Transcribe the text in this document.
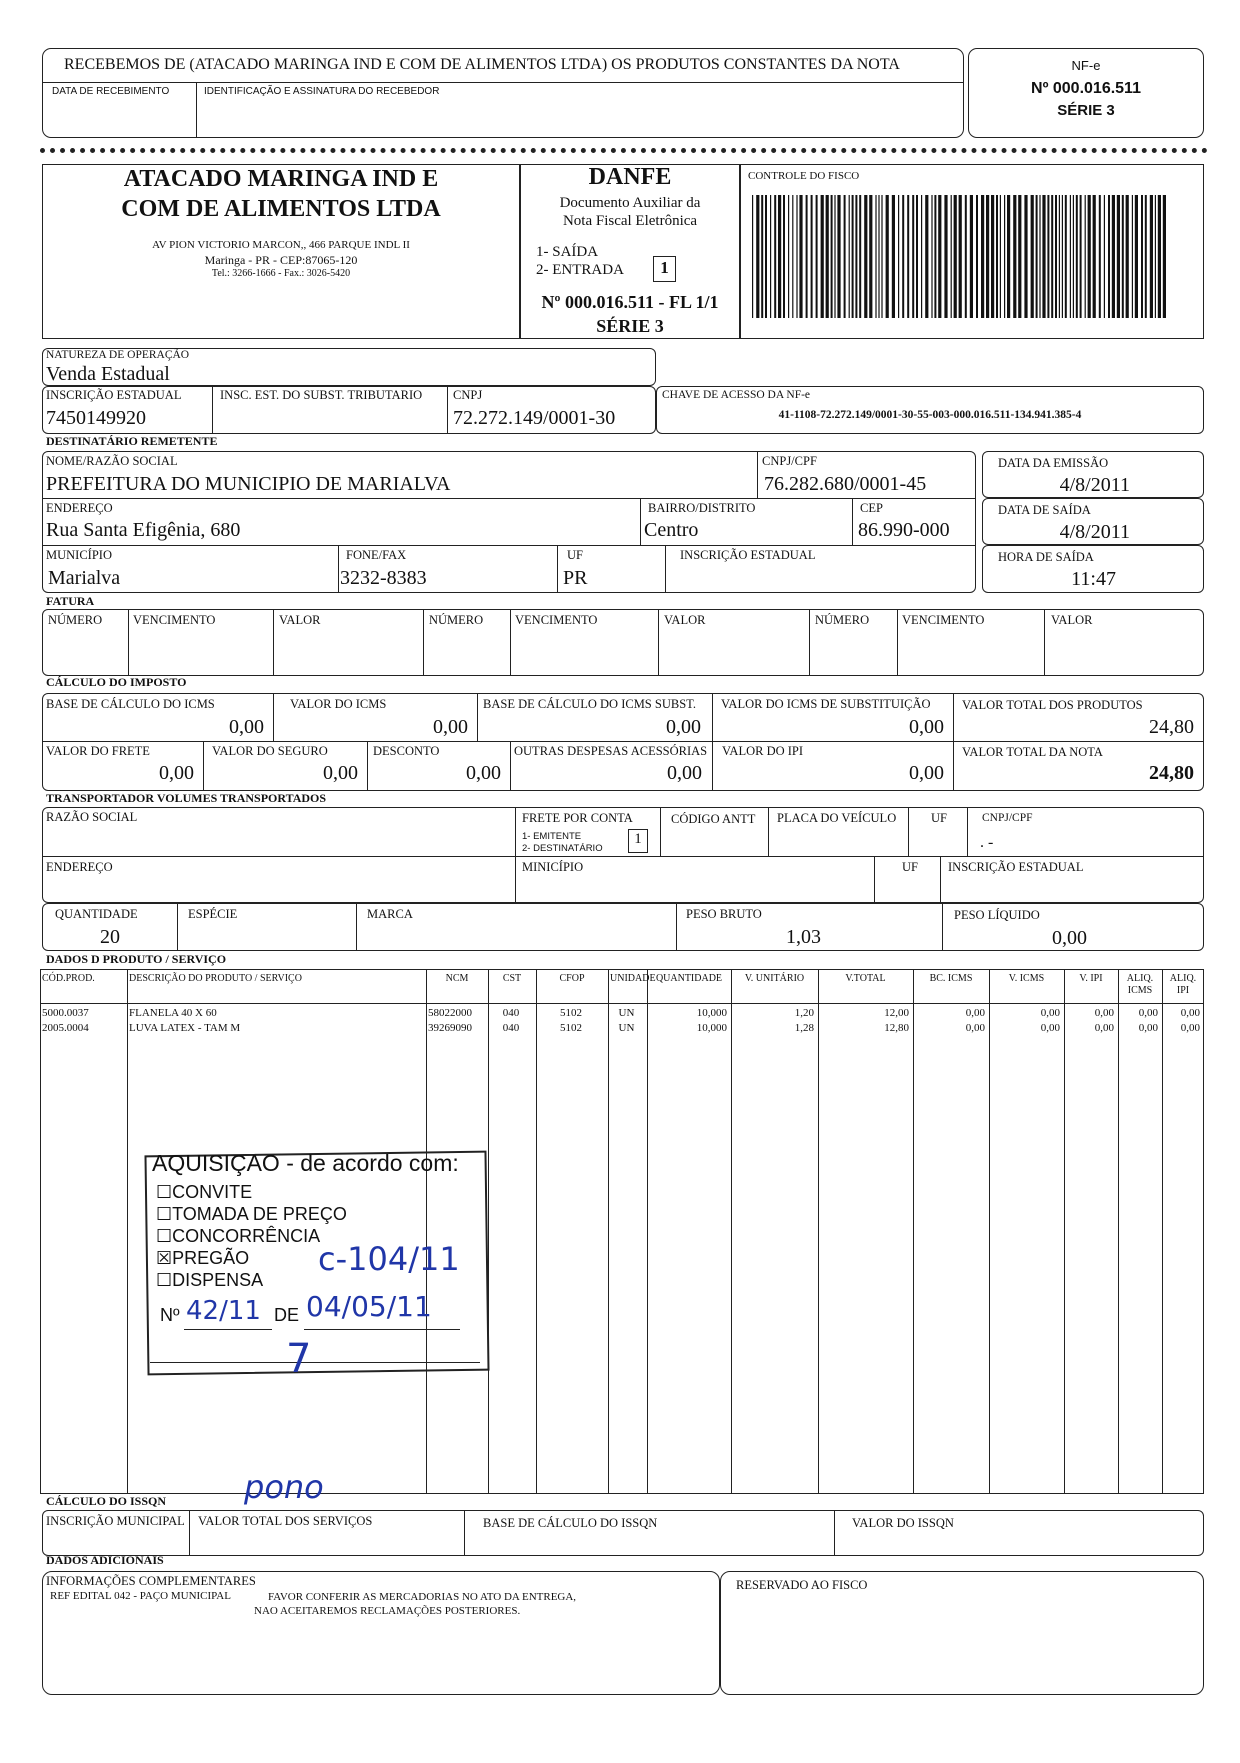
RECEBEMOS DE (ATACADO MARINGA IND E COM DE ALIMENTOS LTDA) OS PRODUTOS CONSTANTES DA NOTA
DATA DE RECEBIMENTO	IDENTIFICAÇÃO E ASSINATURA DO RECEBEDOR
NF-e
Nº 000.016.511
SÉRIE 3
ATACADO MARINGA IND E
COM DE ALIMENTOS LTDA
AV PION VICTORIO MARCON,, 466 PARQUE INDL II
Maringa - PR - CEP:87065-120
Tel.: 3266-1666 - Fax.: 3026-5420
DANFE
Documento Auxiliar da
Nota Fiscal Eletrônica
1- SAÍDA
2- ENTRADA	1
Nº 000.016.511 - FL 1/1
SÉRIE 3
CONTROLE DO FISCO
NATUREZA DE OPERAÇÃO
Venda Estadual
INSCRIÇÃO ESTADUAL
7450149920
INSC. EST. DO SUBST. TRIBUTARIO CNPJ
72.272.149/0001-30
CHAVE DE ACESSO DA NF-e
41-1108-72.272.149/0001-30-55-003-000.016.511-134.941.385-4
DESTINATÁRIO REMETENTE
NOME/RAZÃO SOCIAL
PREFEITURA DO MUNICIPIO DE MARIALVA
CNPJ/CPF
76.282.680/0001-45
ENDEREÇO
Rua Santa Efigênia, 680
BAIRRO/DISTRITO
Centro
CEP
86.990-000
MUNICÍPIO
Marialva
FONE/FAX
3232-8383
UF
PR
INSCRIÇÃO ESTADUAL
DATA DA EMISSÃO
4/8/2011
DATA DE SAÍDA
4/8/2011
HORA DE SAÍDA
11:47
FATURA
NÚMERO VENCIMENTO	VALOR	NÚMERO	VENCIMENTO	VALOR	NÚMERO	VENCIMENTO	VALOR
CÁLCULO DO IMPOSTO
BASE DE CÁLCULO DO ICMS
0,00
VALOR DO ICMS
0,00
BASE DE CÁLCULO DO ICMS SUBST.
0,00
VALOR DO ICMS DE SUBSTITUIÇÃO
0,00
VALOR TOTAL DOS PRODUTOS
24,80
VALOR DO FRETE
0,00
VALOR DO SEGURO
0,00
DESCONTO
0,00
OUTRAS DESPESAS ACESSÓRIAS
0,00
VALOR DO IPI
0,00
VALOR TOTAL DA NOTA
24,80
TRANSPORTADOR VOLUMES TRANSPORTADOS
RAZÃO SOCIAL	FRETE POR CONTA
1- EMITENTE
2- DESTINATÁRIO
1
CÓDIGO ANTT PLACA DO VEÍCULO	UF	CNPJ/CPF
. -
ENDEREÇO	MINICÍPIO	UF INSCRIÇÃO ESTADUAL
QUANTIDADE
20
ESPÉCIE	MARCA	PESO BRUTO
1,03
PESO LÍQUIDO
0,00
DADOS D PRODUTO / SERVIÇO
CÓD.PROD.	DESCRIÇÃO DO PRODUTO / SERVIÇO	NCM	CST	CFOP	UNIDADE QUANTIDADE	V. UNITÁRIO	V.TOTAL	BC. ICMS	V. ICMS	V. IPI	ALIQ. ICMS
ALIQ. IPI
5000.0037	FLANELA 40 X 60	58022000	040	5102	UN	10,000	1,20	12,00	0,00	0,00	0,00	0,00	0,00
2005.0004	LUVA LATEX - TAM M	39269090	040	5102	UN	10,000	1,28	12,80	0,00	0,00	0,00	0,00	0,00
AQUISIÇAO - de acordo com:
☐CONVITE
☐TOMADA DE PREÇO
☐CONCORRÊNCIA
☒PREGÃO
☐DISPENSA
Nº 42/11 DE 04/05/11
c-104/11
7
pono
CÁLCULO DO ISSQN
INSCRIÇÃO MUNICIPAL VALOR TOTAL DOS SERVIÇOS	BASE DE CÁLCULO DO ISSQN	VALOR DO ISSQN
DADOS ADICIONAIS
INFORMAÇÕES COMPLEMENTARES
REF EDITAL 042 - PAÇO MUNICIPAL	FAVOR CONFERIR AS MERCADORIAS NO ATO DA ENTREGA,
NAO ACEITAREMOS RECLAMAÇÕES POSTERIORES.
RESERVADO AO FISCO
